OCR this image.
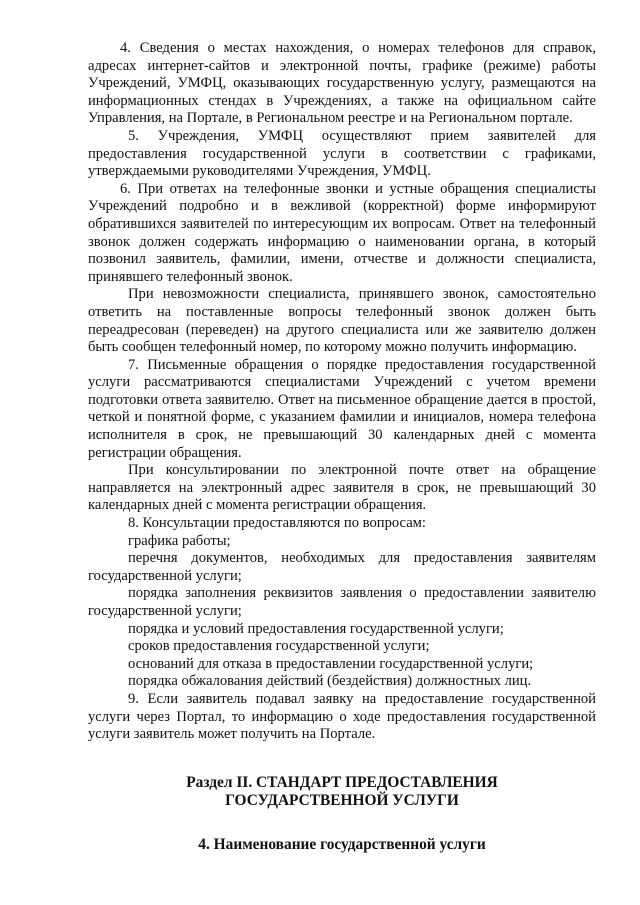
4. Сведения о местах нахождения, о номерах телефонов для справок, адресах интернет-сайтов и электронной почты, графике (режиме) работы Учреждений, УМФЦ, оказывающих государственную услугу, размещаются на информационных стендах в Учреждениях, а также на официальном сайте Управления, на Портале, в Региональном реестре и на Региональном портале.

5. Учреждения, УМФЦ осуществляют прием заявителей для предоставления государственной услуги в соответствии с графиками, утверждаемыми руководителями Учреждения, УМФЦ.

6. При ответах на телефонные звонки и устные обращения специалисты Учреждений подробно и в вежливой (корректной) форме информируют обратившихся заявителей по интересующим их вопросам. Ответ на телефонный звонок должен содержать информацию о наименовании органа, в который позвонил заявитель, фамилии, имени, отчестве и должности специалиста, принявшего телефонный звонок.

При невозможности специалиста, принявшего звонок, самостоятельно ответить на поставленные вопросы телефонный звонок должен быть переадресован (переведен) на другого специалиста или же заявителю должен быть сообщен телефонный номер, по которому можно получить информацию.

7. Письменные обращения о порядке предоставления государственной услуги рассматриваются специалистами Учреждений с учетом времени подготовки ответа заявителю. Ответ на письменное обращение дается в простой, четкой и понятной форме, с указанием фамилии и инициалов, номера телефона исполнителя в срок, не превышающий 30 календарных дней с момента регистрации обращения.

При консультировании по электронной почте ответ на обращение направляется на электронный адрес заявителя в срок, не превышающий 30 календарных дней с момента регистрации обращения.

8. Консультации предоставляются по вопросам:

графика работы;

перечня документов, необходимых для предоставления заявителям государственной услуги;

порядка заполнения реквизитов заявления о предоставлении заявителю государственной услуги;

порядка и условий предоставления государственной услуги;

сроков предоставления государственной услуги;

оснований для отказа в предоставлении государственной услуги;

порядка обжалования действий (бездействия) должностных лиц.

9. Если заявитель подавал заявку на предоставление государственной услуги через Портал, то информацию о ходе предоставления государственной услуги заявитель может получить на Портале.

Раздел II. СТАНДАРТ ПРЕДОСТАВЛЕНИЯ
ГОСУДАРСТВЕННОЙ УСЛУГИ
4. Наименование государственной услуги
